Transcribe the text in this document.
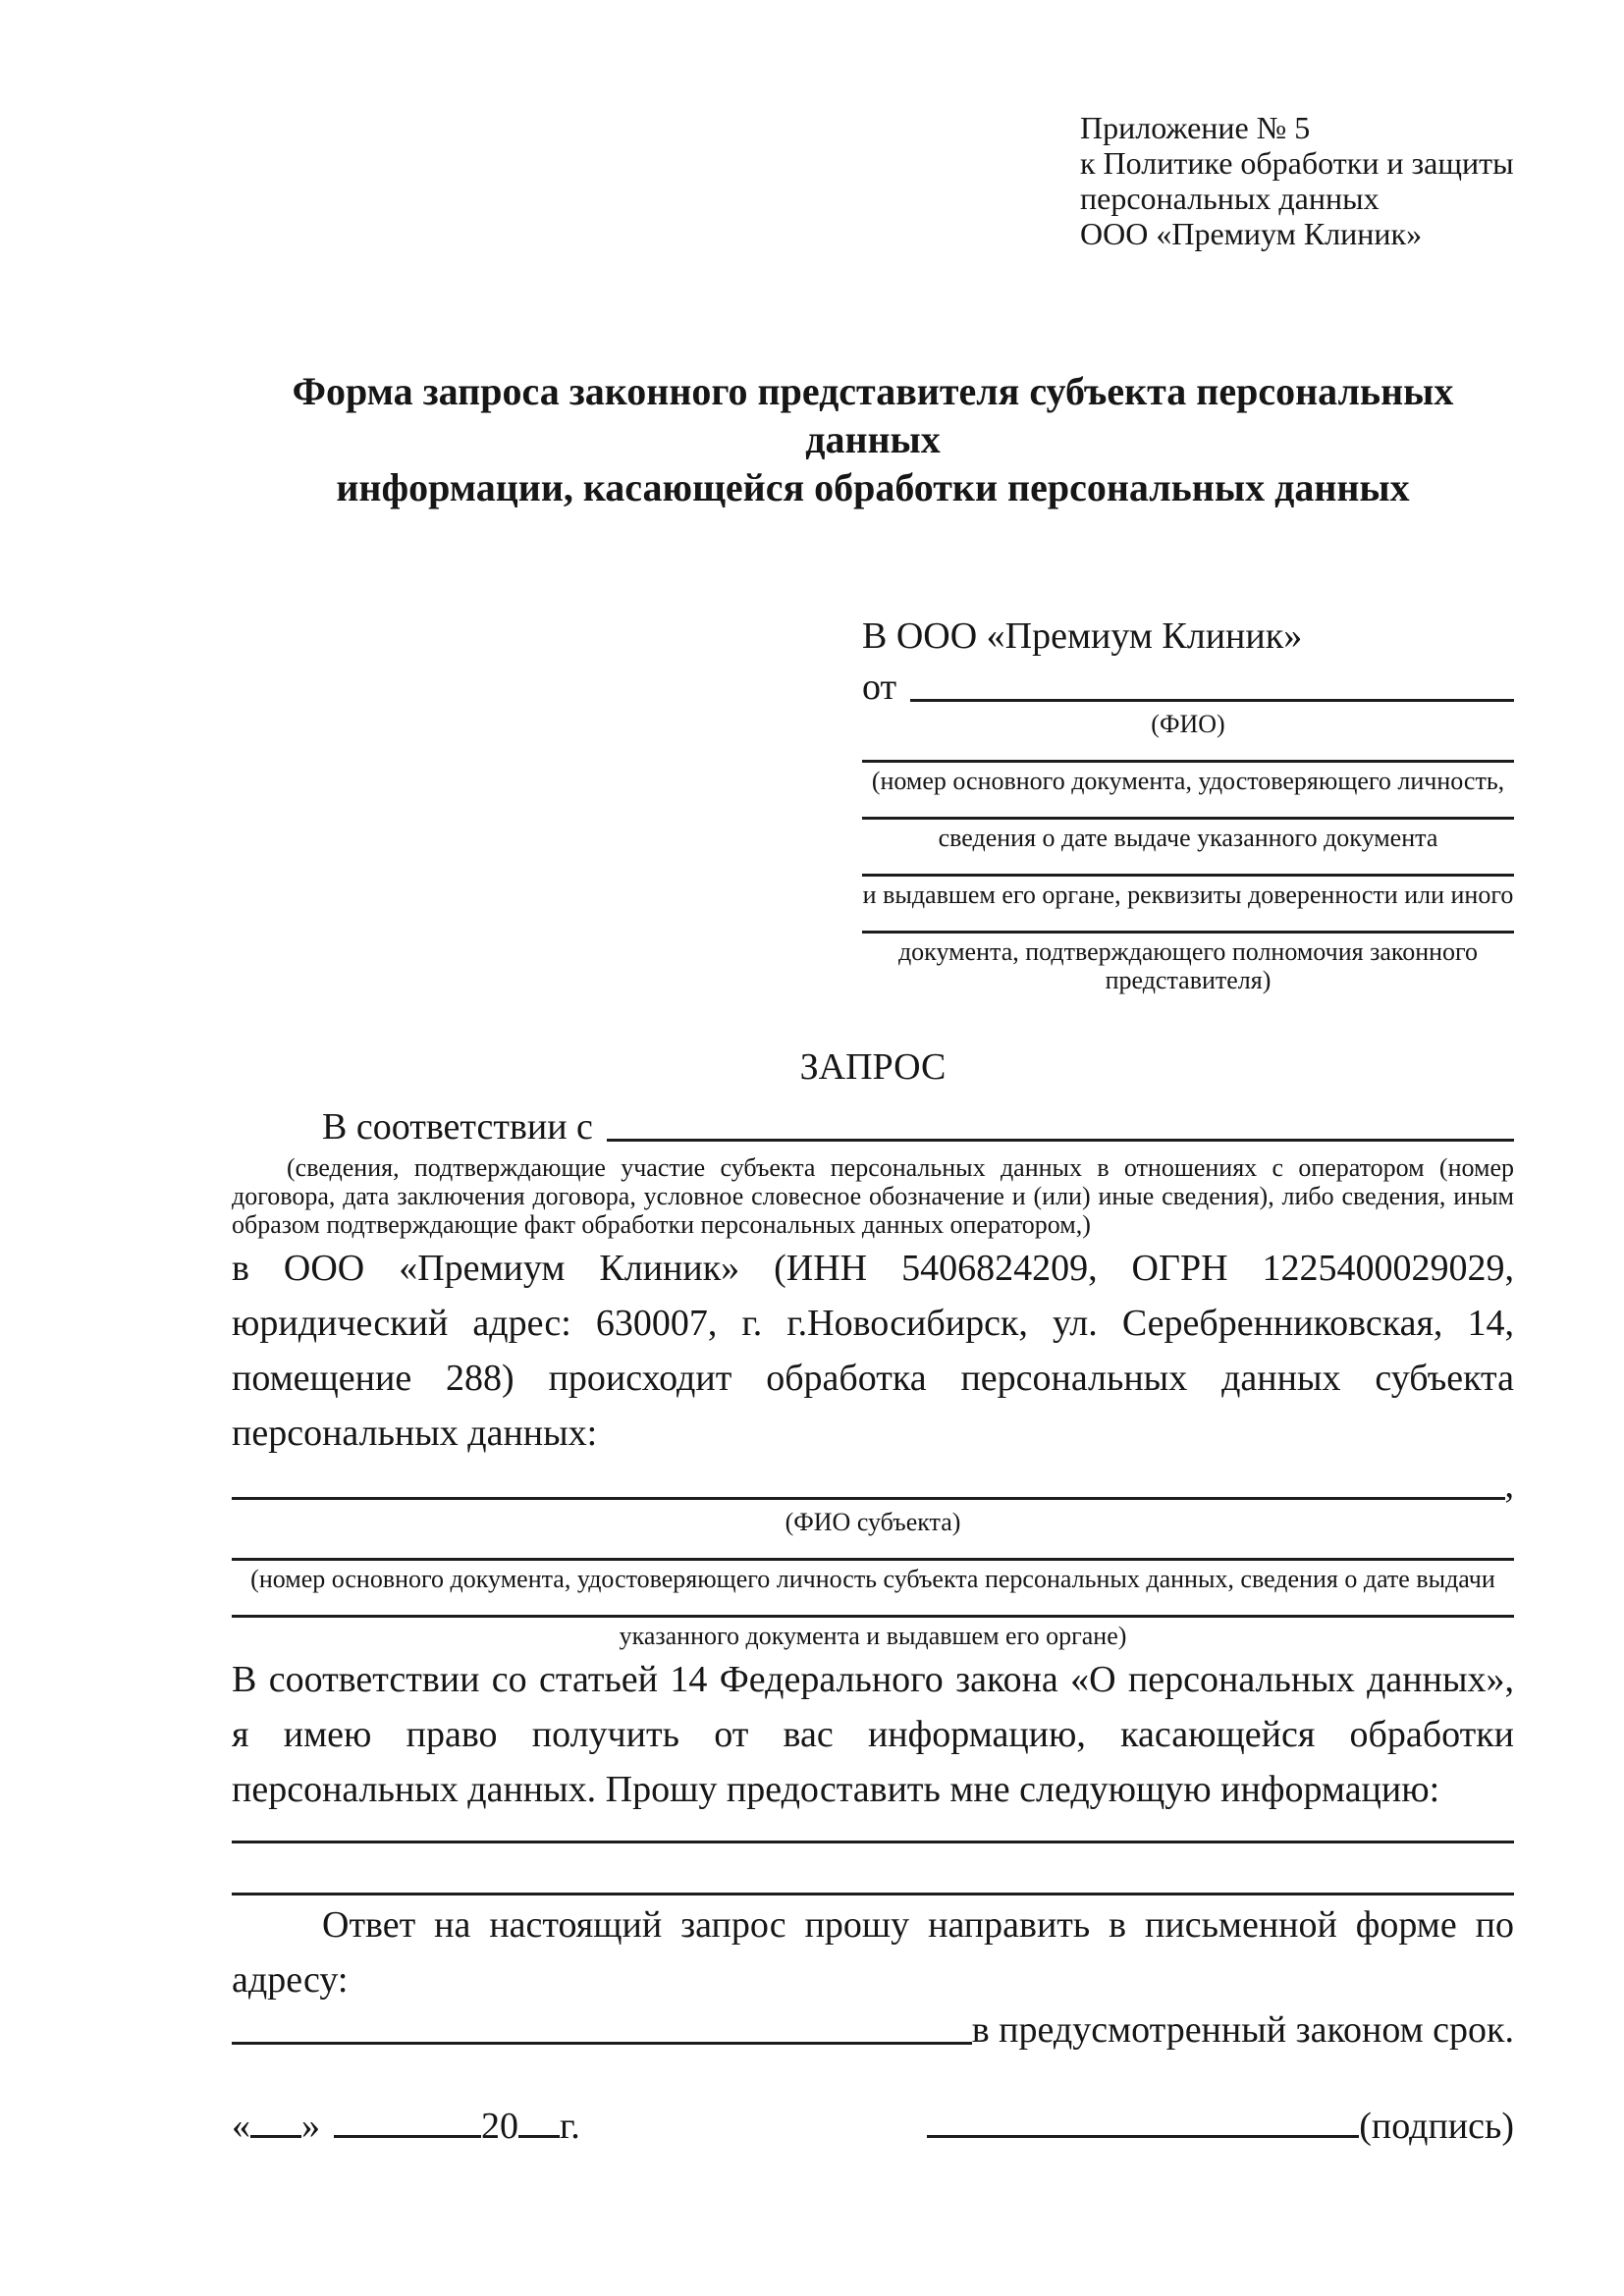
Приложение № 5
к Политике обработки и защиты
персональных данных
ООО «Премиум Клиник»
Форма запроса законного представителя субъекта персональных данных
информации, касающейся обработки персональных данных
В ООО «Премиум Клиник»
от
(ФИО)
(номер основного документа, удостоверяющего личность,
сведения о дате выдаче указанного документа
и выдавшем его органе, реквизиты доверенности или иного
документа, подтверждающего полномочия законного представителя)
ЗАПРОС
В соответствии с
(сведения, подтверждающие участие субъекта персональных данных в отношениях с оператором (номер договора, дата заключения договора, условное словесное обозначение и (или) иные сведения), либо сведения, иным образом подтверждающие факт обработки персональных данных оператором,)

в ООО «Премиум Клиник» (ИНН 5406824209, ОГРН 1225400029029, юридический адрес: 630007, г. г.Новосибирск, ул. Серебренниковская, 14, помещение 288) происходит обработка персональных данных субъекта персональных данных:

,
(ФИО субъекта)
(номер основного документа, удостоверяющего личность субъекта персональных данных, сведения о дате выдачи
указанного документа и выдавшем его органе)

В соответствии со статьей 14 Федерального закона «О персональных данных», я имею право получить от вас информацию, касающейся обработки персональных данных. Прошу предоставить мне следующую информацию:

Ответ на настоящий запрос прошу направить в письменной форме по адресу:

в предусмотренный законом срок.
« »	20 г.	(подпись)
